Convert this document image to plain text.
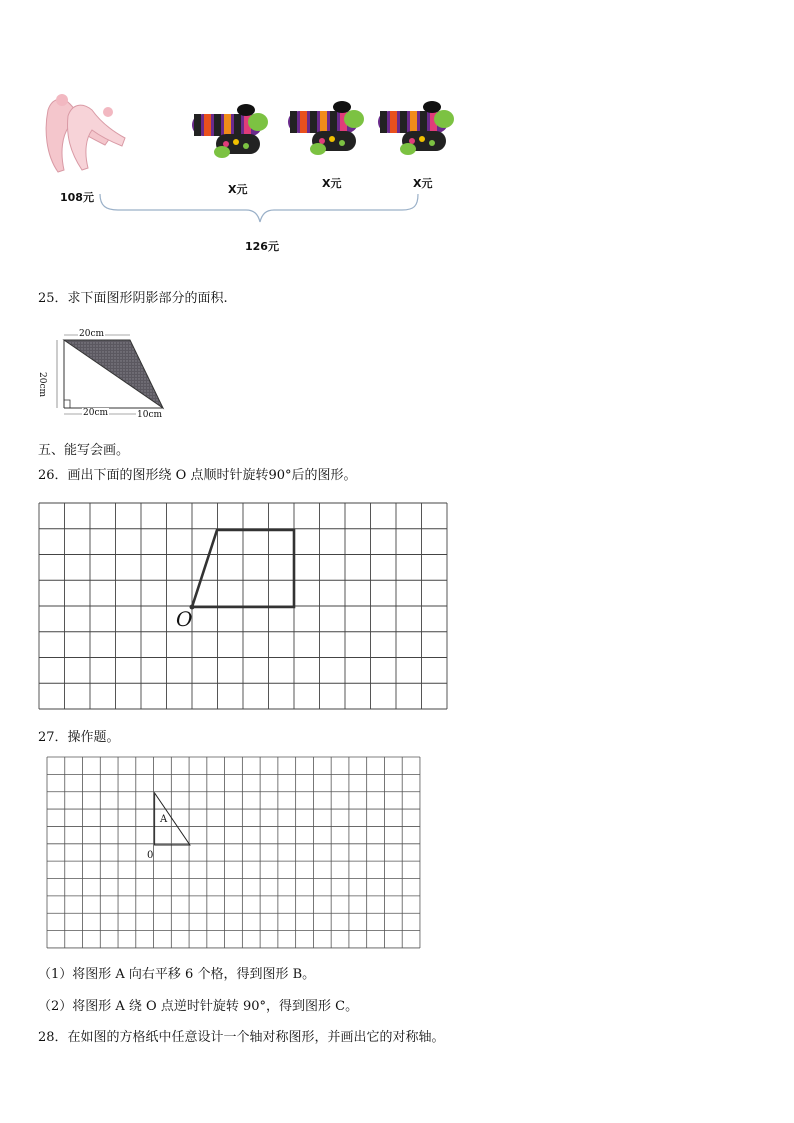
108元
X元	X元	X元
126元
25．求下面图形阴影部分的面积.
20cm
20cm
20cm	10cm
五、能写会画。
26．画出下面的图形绕 O 点顺时针旋转90°后的图形。
O
27．操作题。
A
0
（1）将图形 A 向右平移 6 个格，得到图形 B。
（2）将图形 A 绕 O 点逆时针旋转 90°，得到图形 C。
28．在如图的方格纸中任意设计一个轴对称图形，并画出它的对称轴。
